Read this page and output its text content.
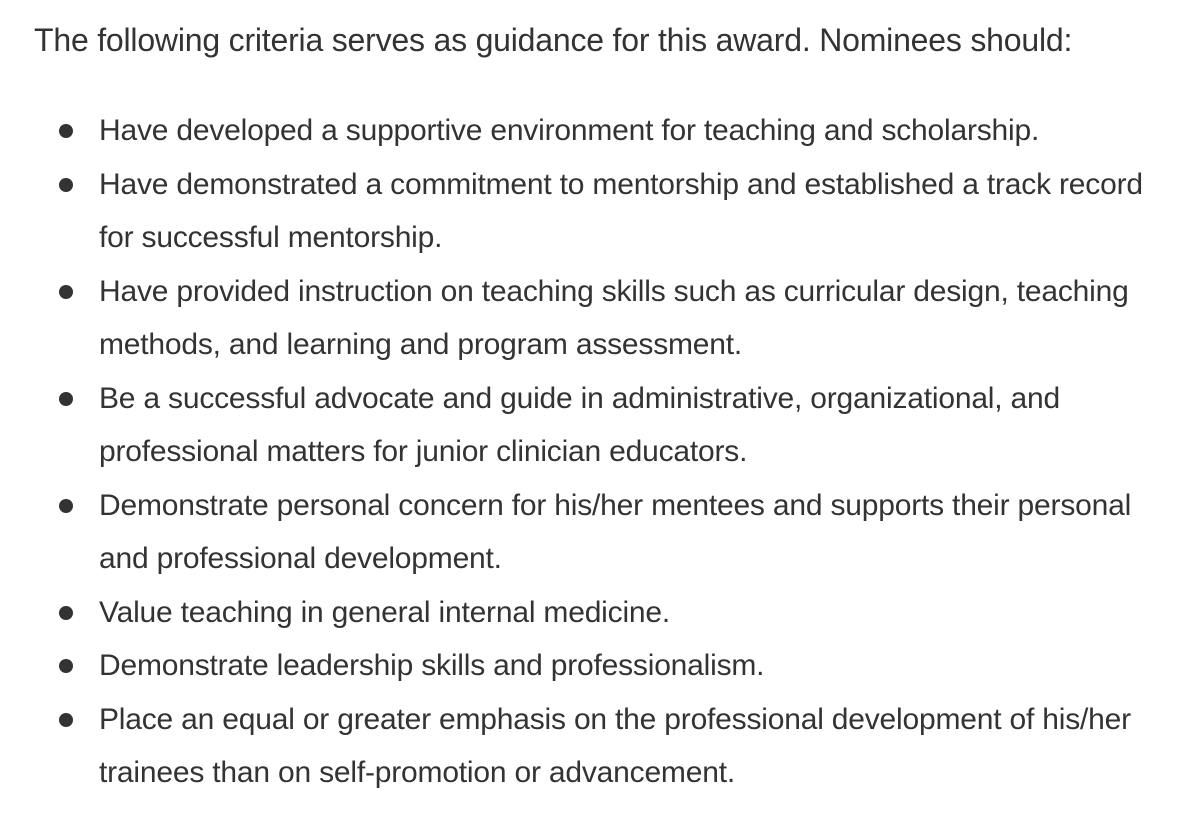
The following criteria serves as guidance for this award. Nominees should:

Have developed a supportive environment for teaching and scholarship.
Have demonstrated a commitment to mentorship and established a track record for successful mentorship.
Have provided instruction on teaching skills such as curricular design, teaching methods, and learning and program assessment.
Be a successful advocate and guide in administrative, organizational, and professional matters for junior clinician educators.
Demonstrate personal concern for his/her mentees and supports their personal and professional development.
Value teaching in general internal medicine.
Demonstrate leadership skills and professionalism.
Place an equal or greater emphasis on the professional development of his/her trainees than on self-promotion or advancement.
